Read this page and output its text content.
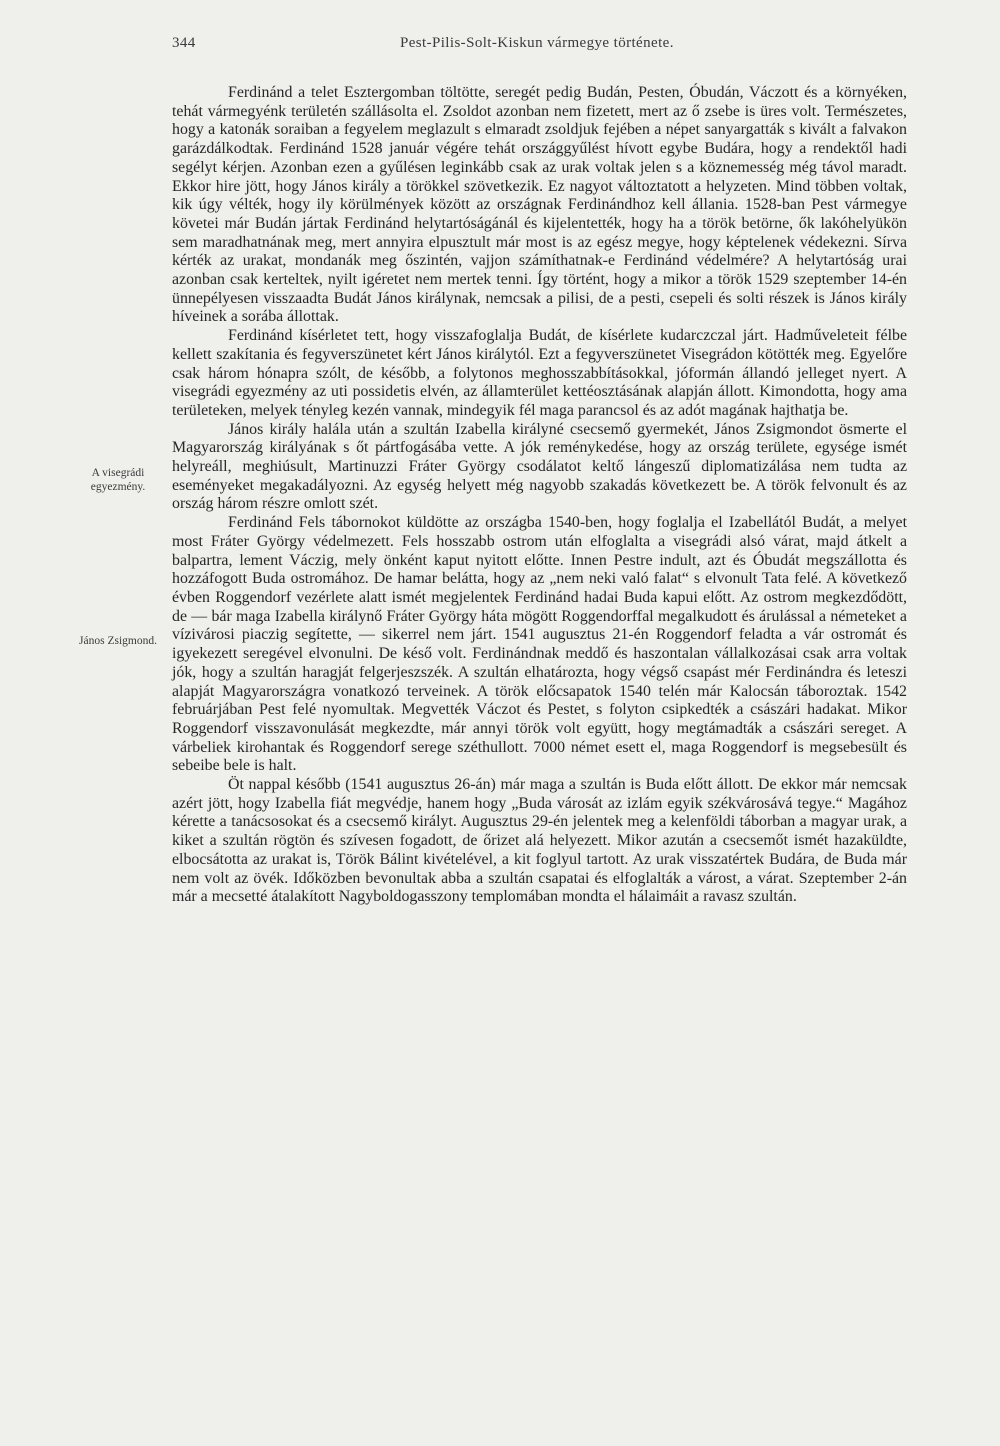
344	Pest-Pilis-Solt-Kiskun vármegye története.
A visegrádi egyezmény.
János Zsigmond.

Ferdinánd a telet Esztergomban töltötte, seregét pedig Budán, Pesten, Óbudán, Váczott és a környéken, tehát vármegyénk területén szállásolta el. Zsoldot azonban nem fizetett, mert az ő zsebe is üres volt. Természetes, hogy a katonák soraiban a fegyelem meglazult s elmaradt zsoldjuk fejében a népet sanyargatták s kivált a falvakon garázdálkodtak. Ferdinánd 1528 január végére tehát országgyűlést hívott egybe Budára, hogy a rendektől hadi segélyt kérjen. Azonban ezen a gyűlésen leginkább csak az urak voltak jelen s a köznemesség még távol maradt. Ekkor hire jött, hogy János király a törökkel szövetkezik. Ez nagyot változtatott a helyzeten. Mind többen voltak, kik úgy vélték, hogy ily körülmények között az országnak Ferdinándhoz kell állania. 1528-ban Pest vármegye követei már Budán jártak Ferdinánd helytartóságánál és kijelentették, hogy ha a török betörne, ők lakóhelyükön sem maradhatnának meg, mert annyira elpusztult már most is az egész megye, hogy képtelenek védekezni. Sírva kérték az urakat, mondanák meg őszintén, vajjon számíthatnak-e Ferdinánd védelmére? A helytartóság urai azonban csak kerteltek, nyilt igéretet nem mertek tenni. Így történt, hogy a mikor a török 1529 szeptember 14-én ünnepélyesen visszaadta Budát János királynak, nemcsak a pilisi, de a pesti, csepeli és solti részek is János király híveinek a sorába állottak.

Ferdinánd kísérletet tett, hogy visszafoglalja Budát, de kísérlete kudarczczal járt. Hadműveleteit félbe kellett szakítania és fegyverszünetet kért János királytól. Ezt a fegyverszünetet Visegrádon kötötték meg. Egyelőre csak három hónapra szólt, de később, a folytonos meghosszabbításokkal, jóformán állandó jelleget nyert. A visegrádi egyezmény az uti possidetis elvén, az államterület kettéosztásának alapján állott. Kimondotta, hogy ama területeken, melyek tényleg kezén vannak, mindegyik fél maga parancsol és az adót magának hajthatja be.

János király halála után a szultán Izabella királyné csecsemő gyermekét, János Zsigmondot ösmerte el Magyarország királyának s őt pártfogásába vette. A jók reménykedése, hogy az ország területe, egysége ismét helyreáll, meghiúsult, Martinuzzi Fráter György csodálatot keltő lángeszű diplomatizálása nem tudta az eseményeket megakadályozni. Az egység helyett még nagyobb szakadás következett be. A török felvonult és az ország három részre omlott szét.

Ferdinánd Fels tábornokot küldötte az országba 1540-ben, hogy foglalja el Izabellától Budát, a melyet most Fráter György védelmezett. Fels hosszabb ostrom után elfoglalta a visegrádi alsó várat, majd átkelt a balpartra, lement Váczig, mely önként kaput nyitott előtte. Innen Pestre indult, azt és Óbudát megszállotta és hozzáfogott Buda ostromához. De hamar belátta, hogy az „nem neki való falat“ s elvonult Tata felé. A következő évben Roggendorf vezérlete alatt ismét megjelentek Ferdinánd hadai Buda kapui előtt. Az ostrom megkezdődött, de — bár maga Izabella királynő Fráter György háta mögött Roggendorffal megalkudott és árulással a németeket a vízivárosi piaczig segítette, — sikerrel nem járt. 1541 augusztus 21-én Roggendorf feladta a vár ostromát és igyekezett seregével elvonulni. De késő volt. Ferdinándnak meddő és haszontalan vállalkozásai csak arra voltak jók, hogy a szultán haragját felgerjeszszék. A szultán elhatározta, hogy végső csapást mér Ferdinándra és leteszi alapját Magyarországra vonatkozó terveinek. A török előcsapatok 1540 telén már Kalocsán táboroztak. 1542 februárjában Pest felé nyomultak. Megvették Váczot és Pestet, s folyton csipkedték a császári hadakat. Mikor Roggendorf visszavonulását megkezdte, már annyi török volt együtt, hogy megtámadták a császári sereget. A várbeliek kirohantak és Roggendorf serege széthullott. 7000 német esett el, maga Roggendorf is megsebesült és sebeibe bele is halt.

Öt nappal később (1541 augusztus 26-án) már maga a szultán is Buda előtt állott. De ekkor már nemcsak azért jött, hogy Izabella fiát megvédje, hanem hogy „Buda városát az izlám egyik székvárosává tegye.“ Magához kérette a tanácsosokat és a csecsemő királyt. Augusztus 29-én jelentek meg a kelenföldi táborban a magyar urak, a kiket a szultán rögtön és szívesen fogadott, de őrizet alá helyezett. Mikor azután a csecsemőt ismét hazaküldte, elbocsátotta az urakat is, Török Bálint kivételével, a kit foglyul tartott. Az urak visszatértek Budára, de Buda már nem volt az övék. Időközben bevonultak abba a szultán csapatai és elfoglalták a várost, a várat. Szeptember 2-án már a mecsetté átalakított Nagyboldogasszony templomában mondta el hálaimáit a ravasz szultán.
